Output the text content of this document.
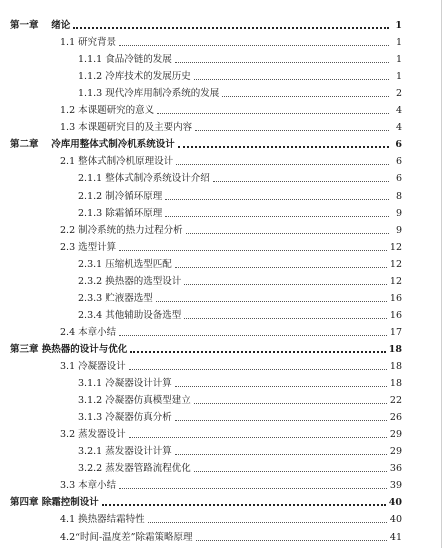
第一章　 绪论	1
1.1 研究背景	1
1.1.1 食品冷链的发展	1
1.1.2 冷库技术的发展历史	1
1.1.3 现代冷库用制冷系统的发展	2
1.2 本课题研究的意义	4
1.3 本课题研究目的及主要内容	4
第二章　 冷库用整体式制冷机系统设计	6
2.1 整体式制冷机原理设计	6
2.1.1 整体式制冷系统设计介绍	6
2.1.2 制冷循环原理	8
2.1.3 除霜循环原理	9
2.2 制冷系统的热力过程分析	9
2.3 选型计算	12
2.3.1 压缩机选型匹配	12
2.3.2 换热器的选型设计	12
2.3.3 贮液器选型	16
2.3.4 其他辅助设备选型	16
2.4 本章小结	17
第三章 换热器的设计与优化	18
3.1 冷凝器设计	18
3.1.1 冷凝器设计计算	18
3.1.2 冷凝器仿真模型建立	22
3.1.3 冷凝器仿真分析	26
3.2 蒸发器设计	29
3.2.1 蒸发器设计计算	29
3.2.2 蒸发器管路流程优化	36
3.3 本章小结	39
第四章 除霜控制设计	40
4.1 换热器结霜特性	40
4.2“时间-温度差”除霜策略原理	41
